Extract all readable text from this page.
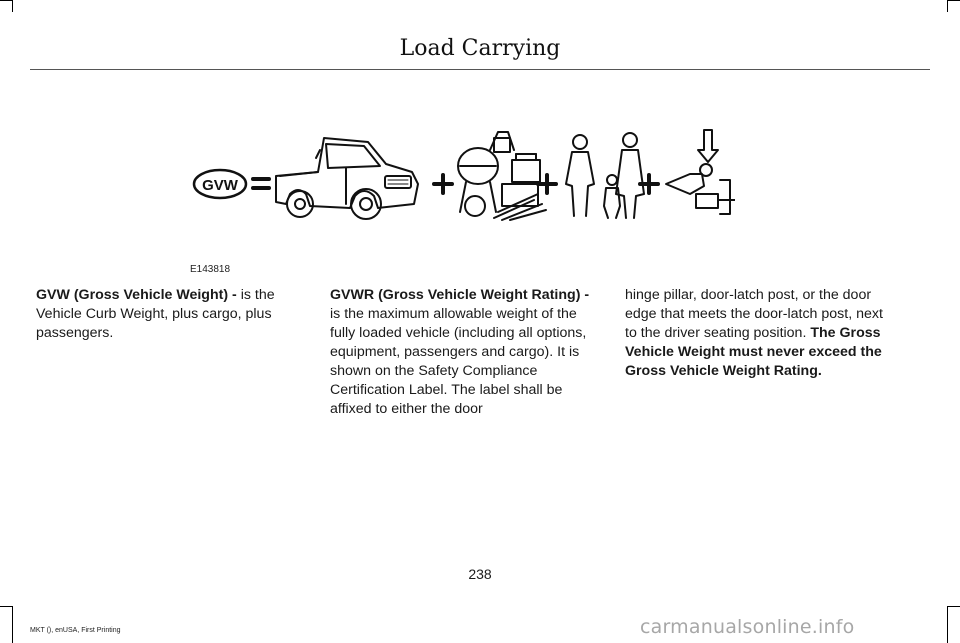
Load Carrying
GVW
E143818
GVW (Gross Vehicle Weight) - is the Vehicle Curb Weight, plus cargo, plus passengers.
GVWR (Gross Vehicle Weight Rating) - is the maximum allowable weight of the fully loaded vehicle (including all options, equipment, passengers and cargo). It is shown on the Safety Compliance Certification Label. The label shall be affixed to either the door
hinge pillar, door-latch post, or the door edge that meets the door-latch post, next to the driver seating position. The Gross Vehicle Weight must never exceed the Gross Vehicle Weight Rating.
238
MKT (), enUSA, First Printing	carmanualsonline.info
